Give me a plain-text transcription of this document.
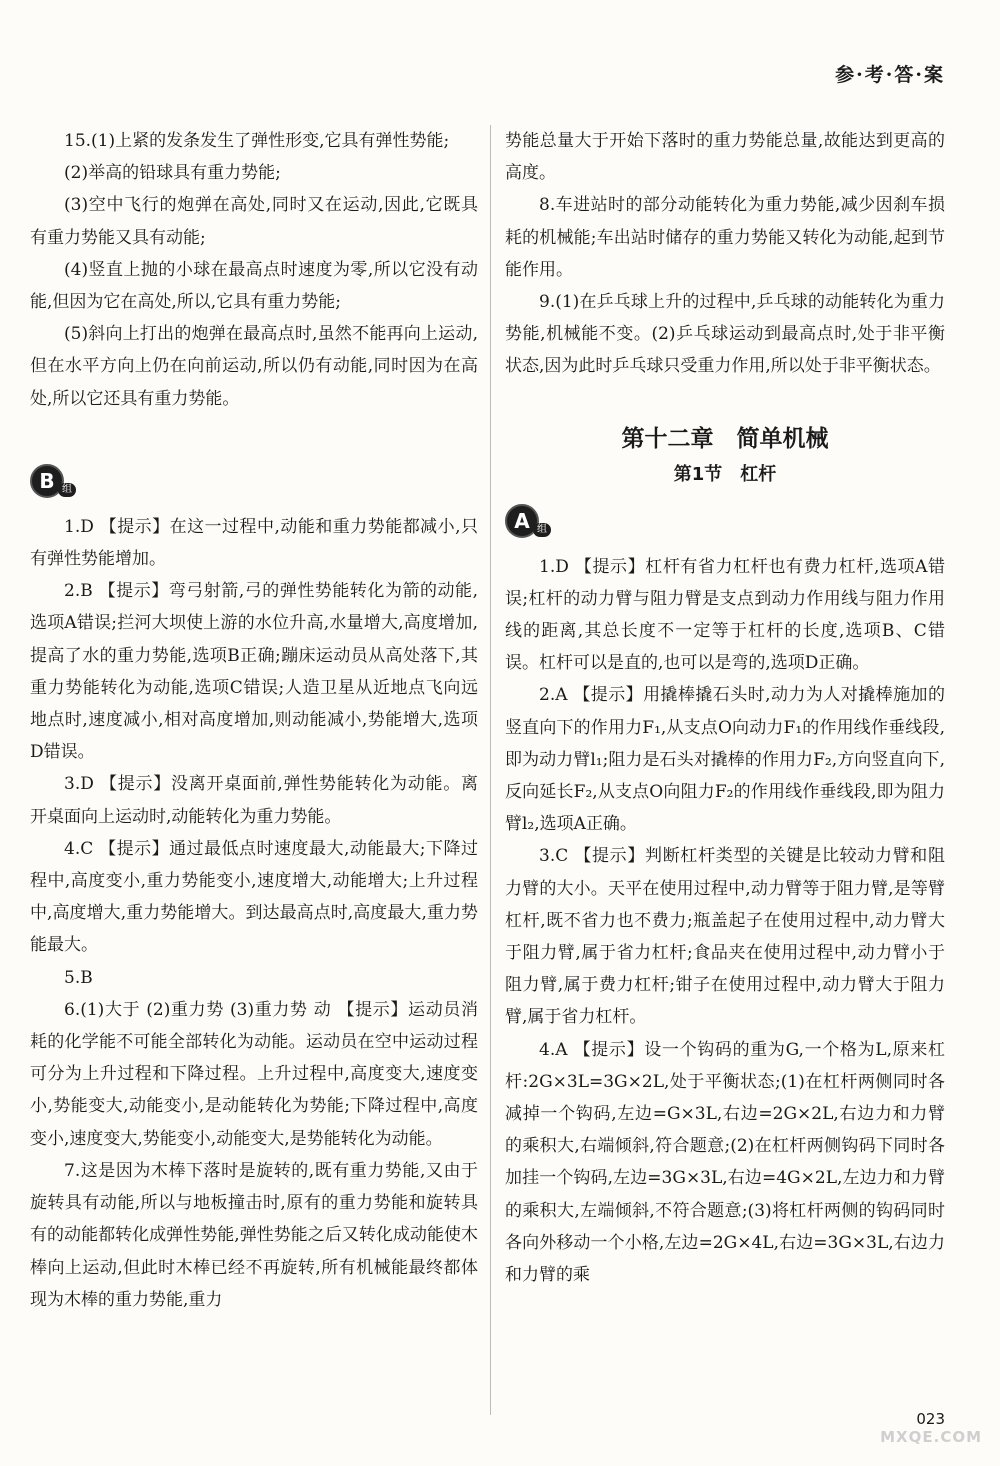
参·考·答·案

15.(1)上紧的发条发生了弹性形变,它具有弹性势能;

(2)举高的铅球具有重力势能;

(3)空中飞行的炮弹在高处,同时又在运动,因此,它既具有重力势能又具有动能;

(4)竖直上抛的小球在最高点时速度为零,所以它没有动能,但因为它在高处,所以,它具有重力势能;

(5)斜向上打出的炮弹在最高点时,虽然不能再向上运动,但在水平方向上仍在向前运动,所以仍有动能,同时因为在高处,所以它还具有重力势能。

B 组

1.D 【提示】在这一过程中,动能和重力势能都减小,只有弹性势能增加。

2.B 【提示】弯弓射箭,弓的弹性势能转化为箭的动能,选项A错误;拦河大坝使上游的水位升高,水量增大,高度增加,提高了水的重力势能,选项B正确;蹦床运动员从高处落下,其重力势能转化为动能,选项C错误;人造卫星从近地点飞向远地点时,速度减小,相对高度增加,则动能减小,势能增大,选项D错误。

3.D 【提示】没离开桌面前,弹性势能转化为动能。离开桌面向上运动时,动能转化为重力势能。

4.C 【提示】通过最低点时速度最大,动能最大;下降过程中,高度变小,重力势能变小,速度增大,动能增大;上升过程中,高度增大,重力势能增大。到达最高点时,高度最大,重力势能最大。

5.B

6.(1)大于 (2)重力势 (3)重力势 动 【提示】运动员消耗的化学能不可能全部转化为动能。运动员在空中运动过程可分为上升过程和下降过程。上升过程中,高度变大,速度变小,势能变大,动能变小,是动能转化为势能;下降过程中,高度变小,速度变大,势能变小,动能变大,是势能转化为动能。

7.这是因为木棒下落时是旋转的,既有重力势能,又由于旋转具有动能,所以与地板撞击时,原有的重力势能和旋转具有的动能都转化成弹性势能,弹性势能之后又转化成动能使木棒向上运动,但此时木棒已经不再旋转,所有机械能最终都体现为木棒的重力势能,重力

势能总量大于开始下落时的重力势能总量,故能达到更高的高度。

8.车进站时的部分动能转化为重力势能,减少因刹车损耗的机械能;车出站时储存的重力势能又转化为动能,起到节能作用。

9.(1)在乒乓球上升的过程中,乒乓球的动能转化为重力势能,机械能不变。(2)乒乓球运动到最高点时,处于非平衡状态,因为此时乒乓球只受重力作用,所以处于非平衡状态。

第十二章　简单机械
第1节　杠杆
A 组

1.D 【提示】杠杆有省力杠杆也有费力杠杆,选项A错误;杠杆的动力臂与阻力臂是支点到动力作用线与阻力作用线的距离,其总长度不一定等于杠杆的长度,选项B、C错误。杠杆可以是直的,也可以是弯的,选项D正确。

2.A 【提示】用撬棒撬石头时,动力为人对撬棒施加的竖直向下的作用力F₁,从支点O向动力F₁的作用线作垂线段,即为动力臂l₁;阻力是石头对撬棒的作用力F₂,方向竖直向下,反向延长F₂,从支点O向阻力F₂的作用线作垂线段,即为阻力臂l₂,选项A正确。

3.C 【提示】判断杠杆类型的关键是比较动力臂和阻力臂的大小。天平在使用过程中,动力臂等于阻力臂,是等臂杠杆,既不省力也不费力;瓶盖起子在使用过程中,动力臂大于阻力臂,属于省力杠杆;食品夹在使用过程中,动力臂小于阻力臂,属于费力杠杆;钳子在使用过程中,动力臂大于阻力臂,属于省力杠杆。

4.A 【提示】设一个钩码的重为G,一个格为L,原来杠杆:2G×3L=3G×2L,处于平衡状态;(1)在杠杆两侧同时各减掉一个钩码,左边=G×3L,右边=2G×2L,右边力和力臂的乘积大,右端倾斜,符合题意;(2)在杠杆两侧钩码下同时各加挂一个钩码,左边=3G×3L,右边=4G×2L,左边力和力臂的乘积大,左端倾斜,不符合题意;(3)将杠杆两侧的钩码同时各向外移动一个小格,左边=2G×4L,右边=3G×3L,右边力和力臂的乘

023
MXQE.COM
